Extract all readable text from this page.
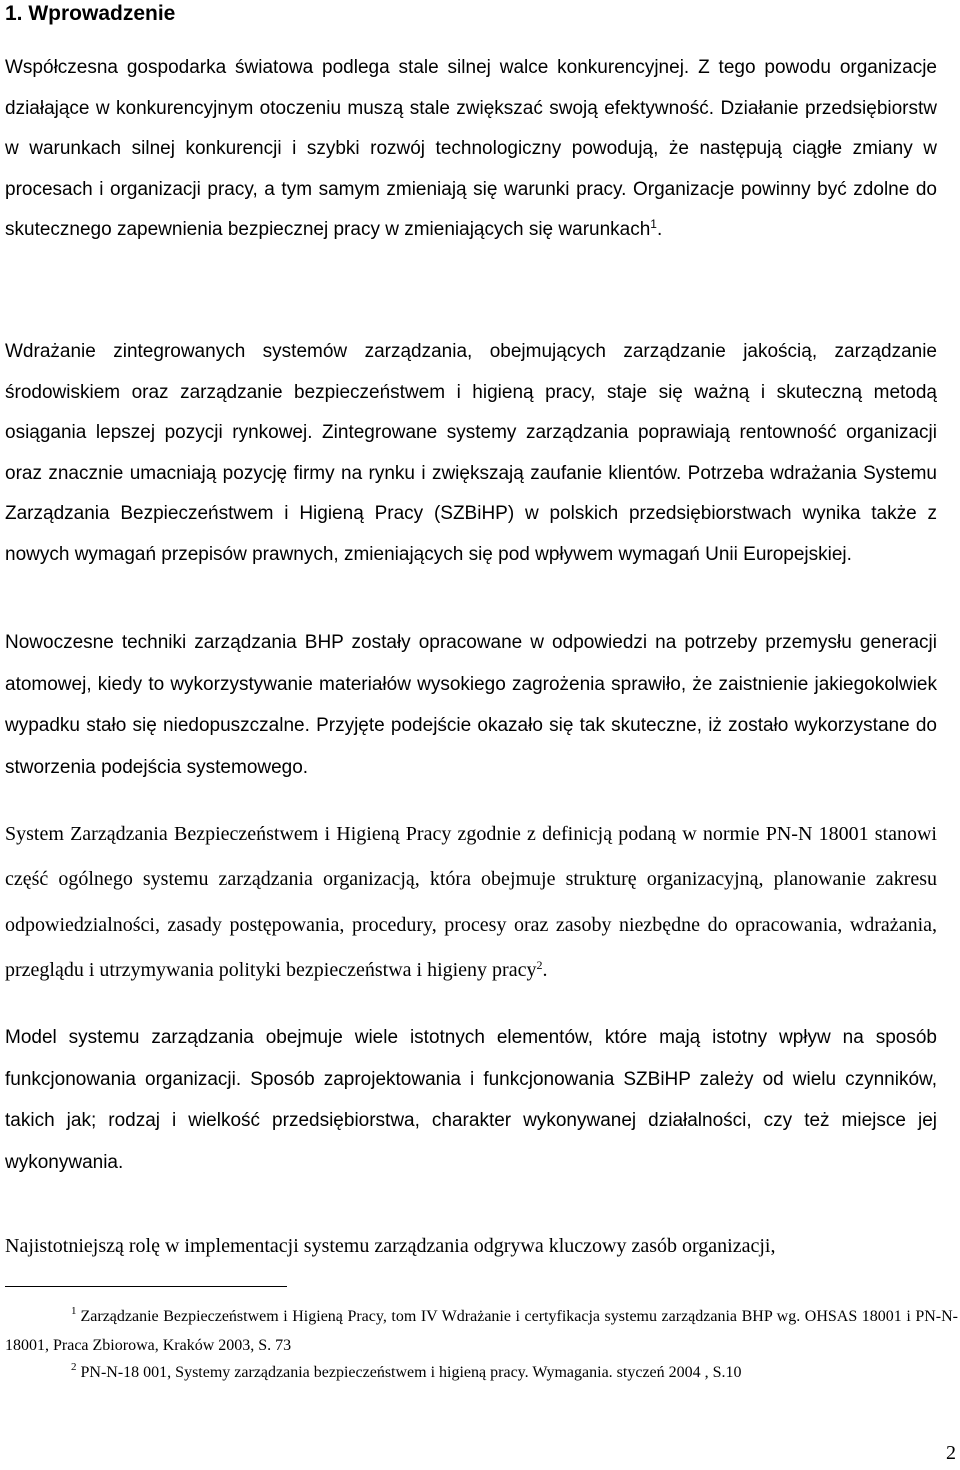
1. Wprowadzenie

Współczesna gospodarka światowa podlega stale silnej walce konkurencyjnej. Z tego powodu organizacje działające w konkurencyjnym otoczeniu muszą stale zwiększać swoją efektywność. Działanie przedsiębiorstw w warunkach silnej konkurencji i szybki rozwój technologiczny powodują, że następują ciągłe zmiany w procesach i organizacji pracy, a tym samym zmieniają się warunki pracy. Organizacje powinny być zdolne do skutecznego zapewnienia bezpiecznej pracy w zmieniających się warunkach$^1$.

Wdrażanie zintegrowanych systemów zarządzania, obejmujących zarządzanie jakością, zarządzanie środowiskiem oraz zarządzanie bezpieczeństwem i higieną pracy, staje się ważną i skuteczną metodą osiągania lepszej pozycji rynkowej. Zintegrowane systemy zarządzania poprawiają rentowność organizacji oraz znacznie umacniają pozycję firmy na rynku i zwiększają zaufanie klientów. Potrzeba wdrażania Systemu Zarządzania Bezpieczeństwem i Higieną Pracy (SZBiHP) w polskich przedsiębiorstwach wynika także z nowych wymagań przepisów prawnych, zmieniających się pod wpływem wymagań Unii Europejskiej.

Nowoczesne techniki zarządzania BHP zostały opracowane w odpowiedzi na potrzeby przemysłu generacji atomowej, kiedy to wykorzystywanie materiałów wysokiego zagrożenia sprawiło, że zaistnienie jakiegokolwiek wypadku stało się niedopuszczalne. Przyjęte podejście okazało się tak skuteczne, iż zostało wykorzystane do stworzenia podejścia systemowego.

System Zarządzania Bezpieczeństwem i Higieną Pracy zgodnie z definicją podaną w normie PN-N 18001 stanowi część ogólnego systemu zarządzania organizacją, która obejmuje strukturę organizacyjną, planowanie zakresu odpowiedzialności, zasady postępowania, procedury, procesy oraz zasoby niezbędne do opracowania, wdrażania, przeglądu i utrzymywania polityki bezpieczeństwa i higieny pracy$^2$.

Model systemu zarządzania obejmuje wiele istotnych elementów, które mają istotny wpływ na sposób funkcjonowania organizacji. Sposób zaprojektowania i funkcjonowania SZBiHP zależy od wielu czynników, takich jak; rodzaj i wielkość przedsiębiorstwa, charakter wykonywanej działalności, czy też miejsce jej wykonywania.

Najistotniejszą rolę w implementacji systemu zarządzania odgrywa kluczowy zasób organizacji,

$^1$ Zarządzanie Bezpieczeństwem i Higieną Pracy, tom IV Wdrażanie i certyfikacja systemu zarządzania BHP wg. OHSAS 18001 i PN-N-18001, Praca Zbiorowa, Kraków 2003, S. 73

$^2$ PN-N-18 001, Systemy zarządzania bezpieczeństwem i higieną pracy. Wymagania. styczeń 2004 , S.10

2
